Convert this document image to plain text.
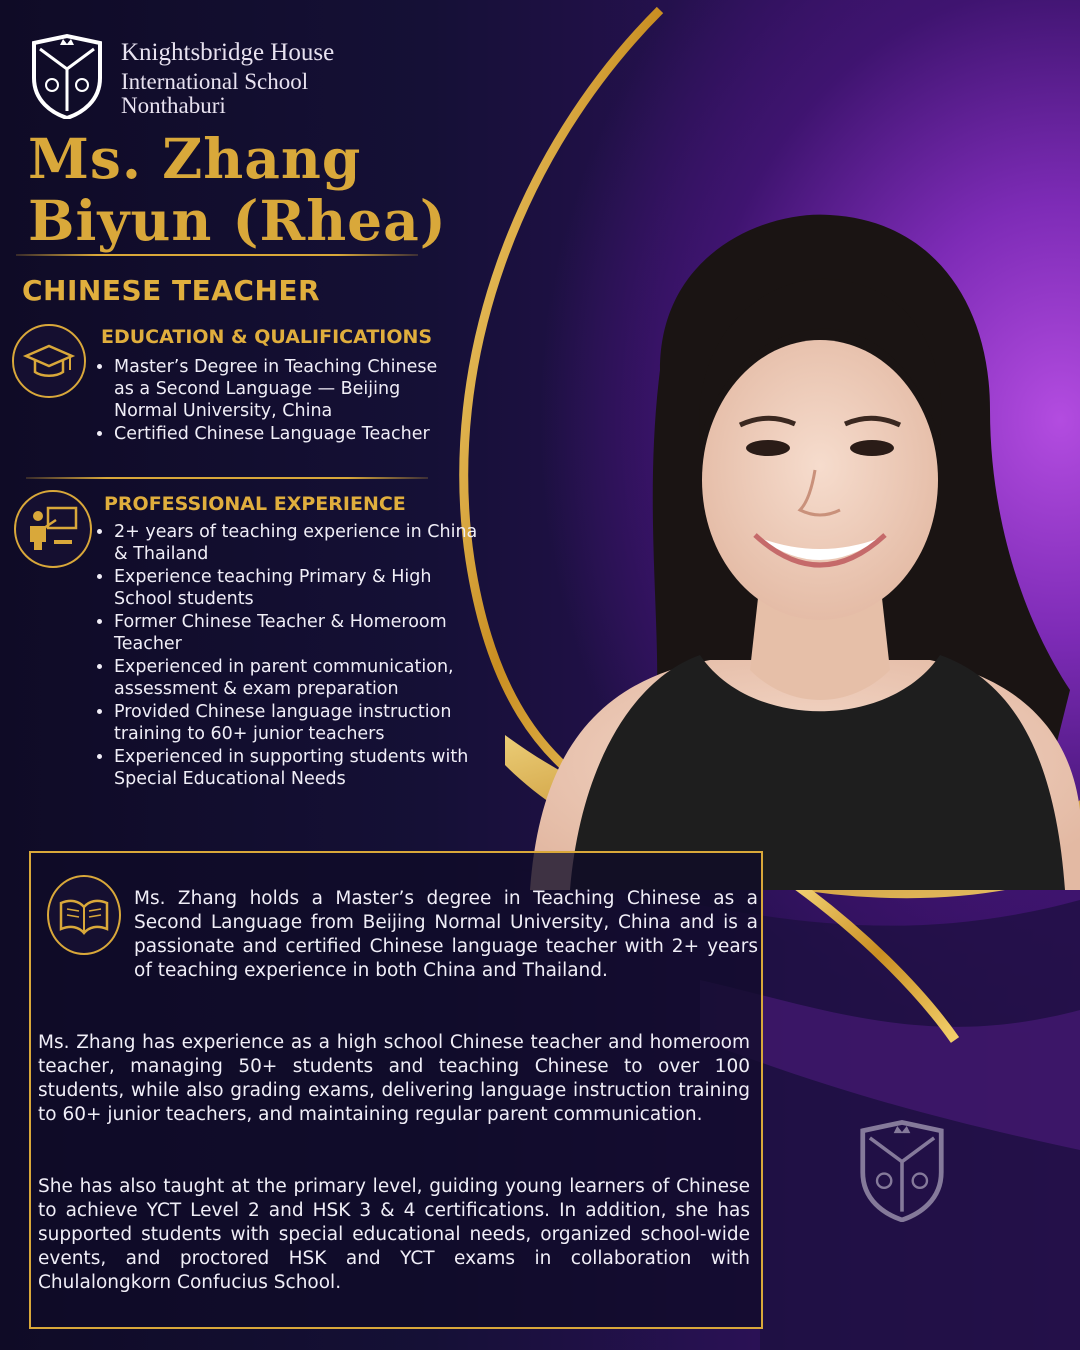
Knightsbridge House
International School
Nonthaburi
Ms. Zhang
Biyun (Rhea)
CHINESE TEACHER
EDUCATION & QUALIFICATIONS
• Master’s Degree in Teaching Chinese as a Second Language — Beijing Normal University, China
• Certified Chinese Language Teacher
PROFESSIONAL EXPERIENCE
• 2+ years of teaching experience in China & Thailand
• Experience teaching Primary & High School students
• Former Chinese Teacher & Homeroom Teacher
• Experienced in parent communication, assessment & exam preparation
• Provided Chinese language instruction training to 60+ junior teachers
• Experienced in supporting students with Special Educational Needs
Ms. Zhang holds a Master’s degree in Teaching Chinese as a Second Language from Beijing Normal University, China and is a passionate and certified Chinese language teacher with 2+ years of teaching experience in both China and Thailand.
Ms. Zhang has experience as a high school Chinese teacher and homeroom teacher, managing 50+ students and teaching Chinese to over 100 students, while also grading exams, delivering language instruction training to 60+ junior teachers, and maintaining regular parent communication.
She has also taught at the primary level, guiding young learners of Chinese to achieve YCT Level 2 and HSK 3 & 4 certifications. In addition, she has supported students with special educational needs, organized school-wide events, and proctored HSK and YCT exams in collaboration with Chulalongkorn Confucius School.
